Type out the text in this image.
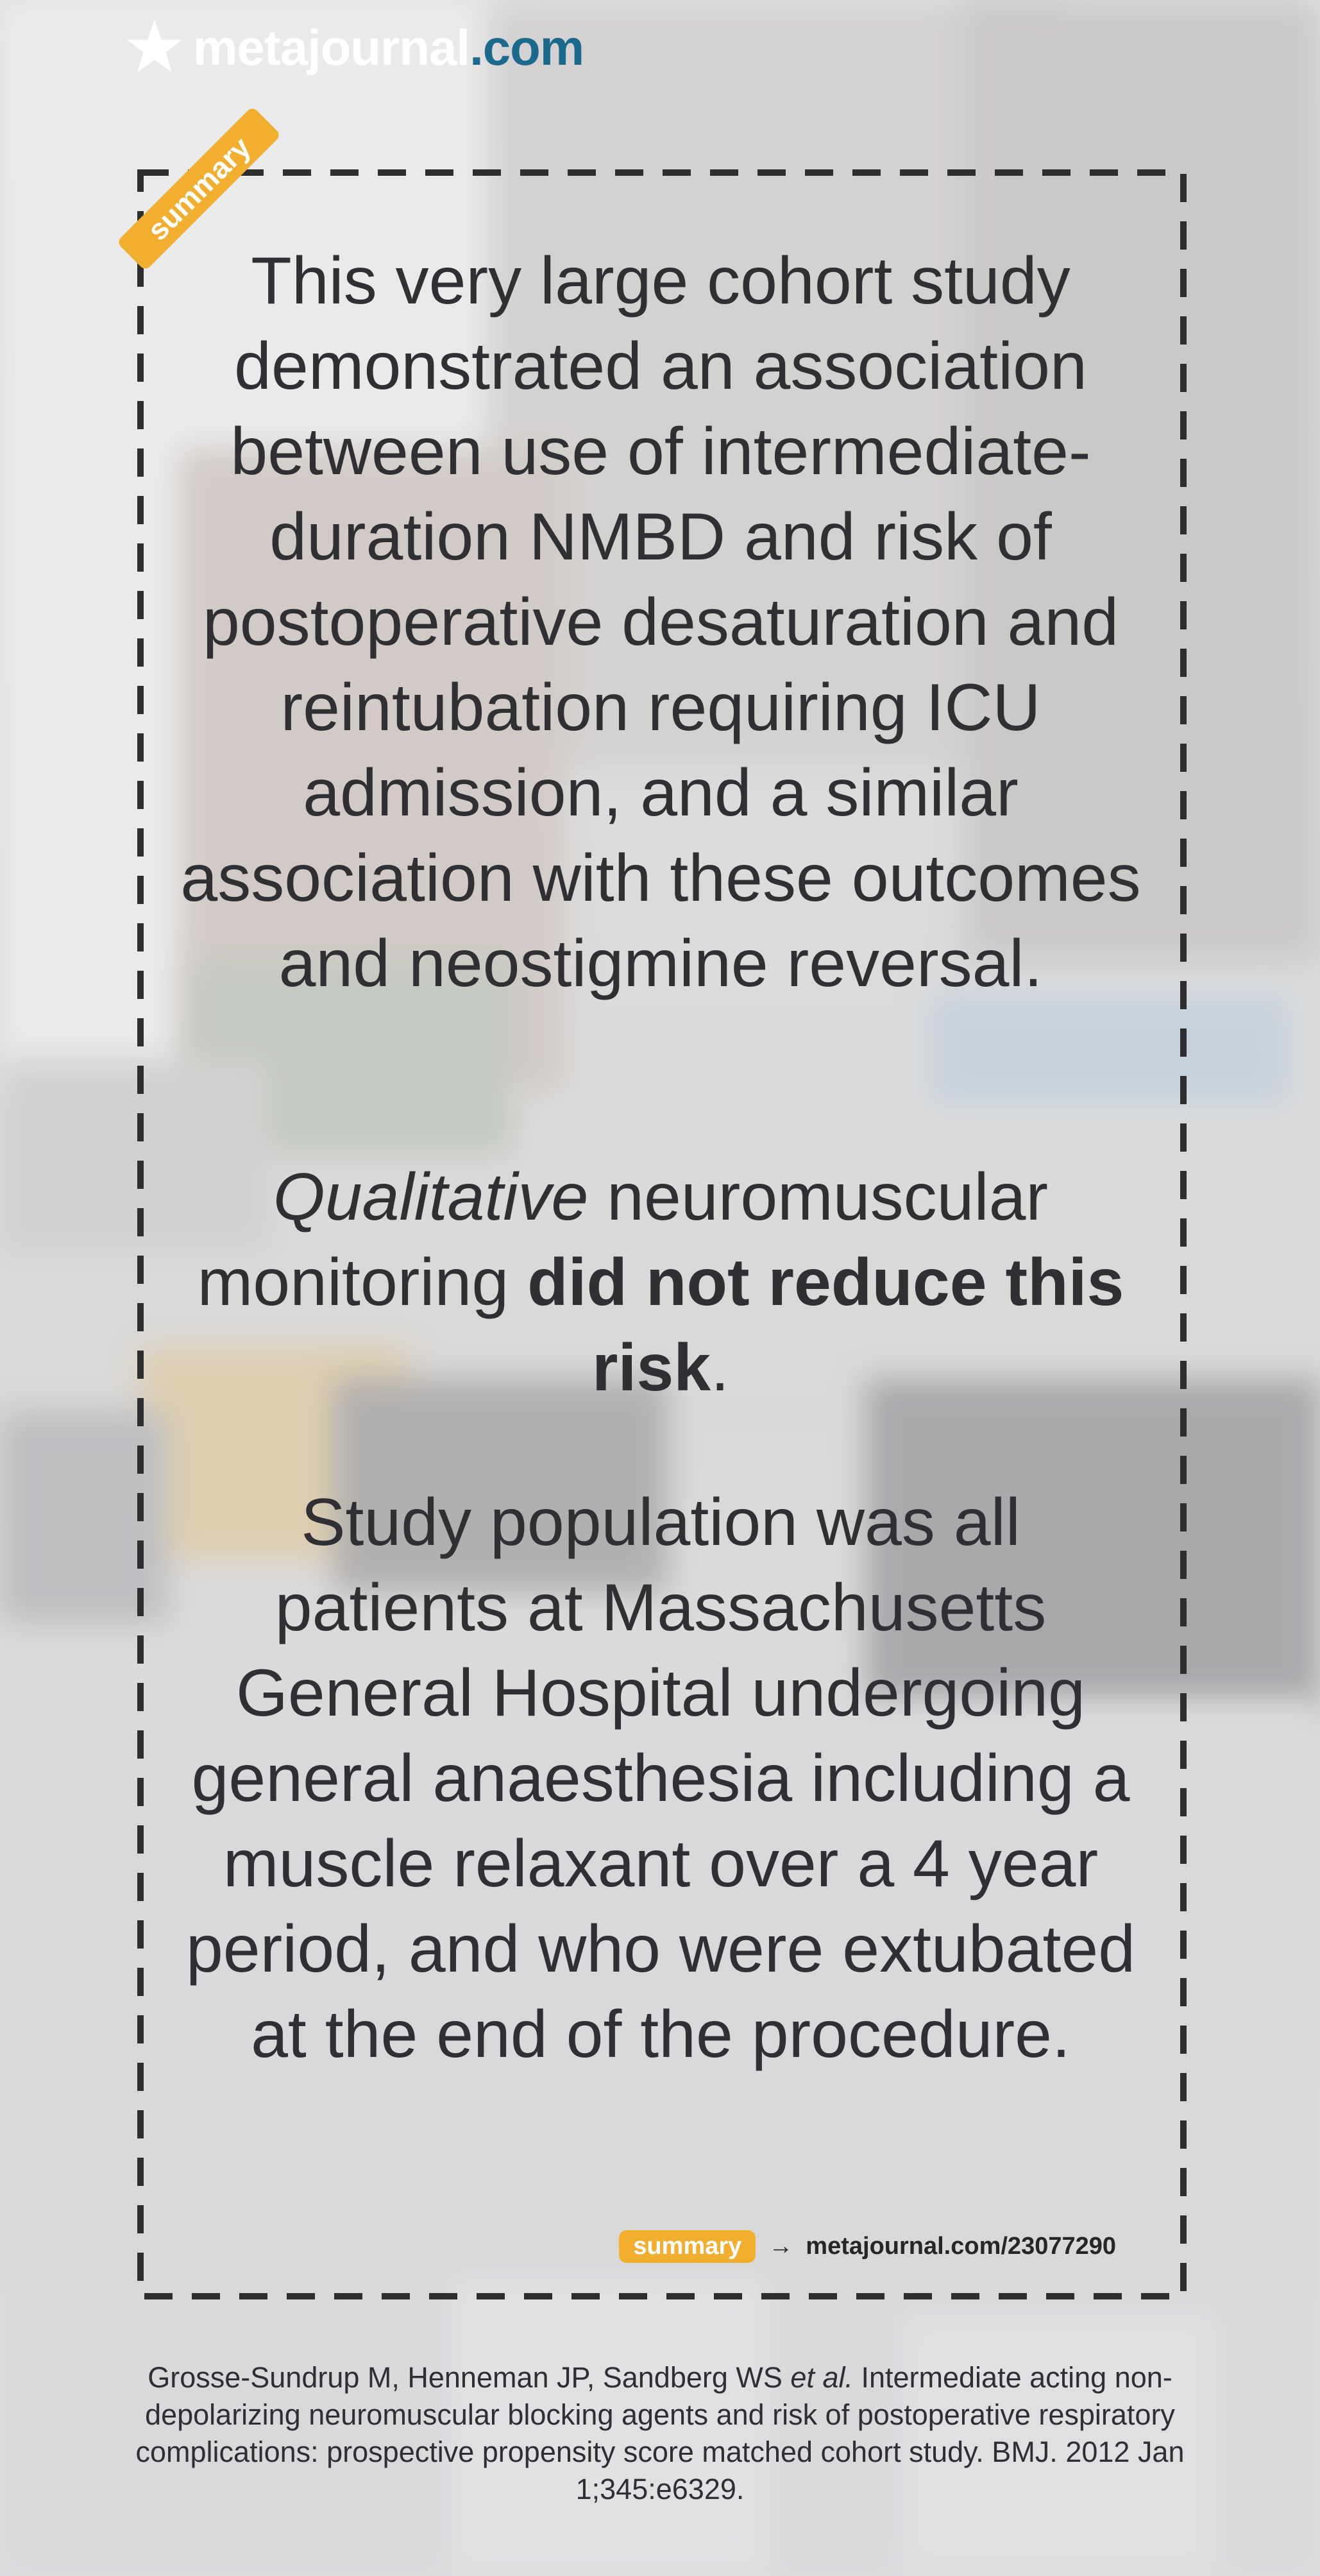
metajournal .com
summary
This very large cohort study demonstrated an association between use of intermediate-duration NMBD and risk of postoperative desaturation and reintubation requiring ICU admission, and a similar association with these outcomes and neostigmine reversal.
Qualitative neuromuscular monitoring did not reduce this risk.
Study population was all patients at Massachusetts General Hospital undergoing general anaesthesia including a muscle relaxant over a 4 year period, and who were extubated at the end of the procedure.
summary	→ metajournal.com/23077290
Grosse-Sundrup M, Henneman JP, Sandberg WS et al. Intermediate acting non-depolarizing neuromuscular blocking agents and risk of postoperative respiratory complications: prospective propensity score matched cohort study. BMJ. 2012 Jan 1;345:e6329.
